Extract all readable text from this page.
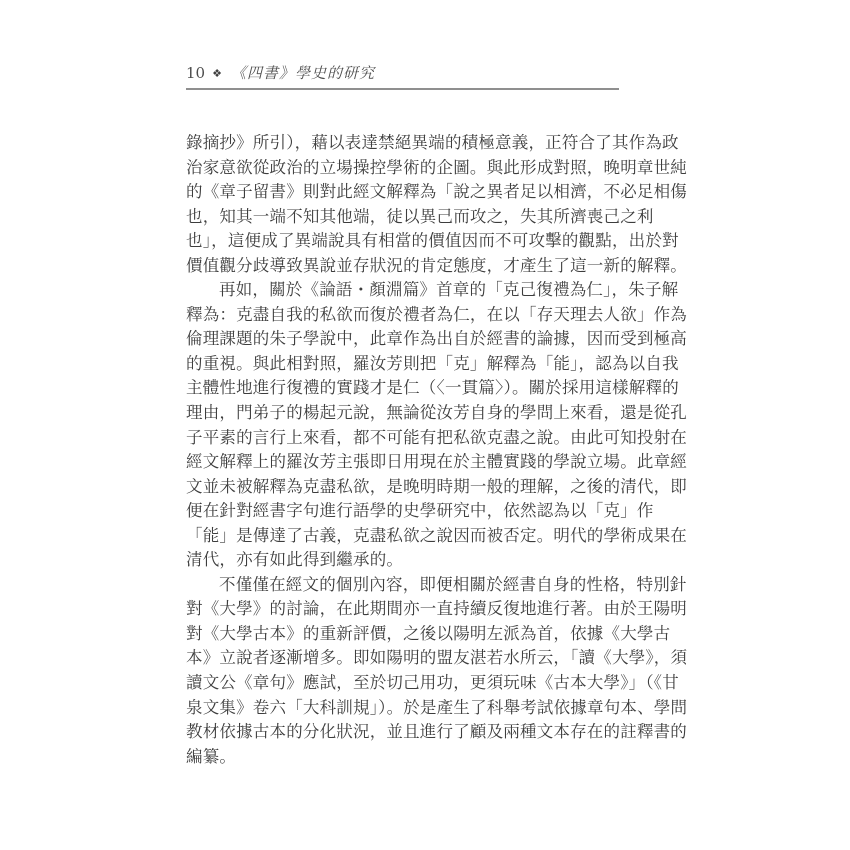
10 ❖ 《四書》學史的研究
錄摘抄》所引），藉以表達禁絕異端的積極意義，正符合了其作為政
治家意欲從政治的立場操控學術的企圖。與此形成對照，晚明章世純
的《章子留書》則對此經文解釋為「說之異者足以相濟，不必足相傷
也，知其一端不知其他端，徒以異己而攻之，失其所濟喪己之利
也」，這便成了異端說具有相當的價值因而不可攻擊的觀點，出於對
價值觀分歧導致異說並存狀況的肯定態度，才產生了這一新的解釋。
再如，關於《論語・顏淵篇》首章的「克己復禮為仁」，朱子解
釋為：克盡自我的私欲而復於禮者為仁，在以「存天理去人欲」作為
倫理課題的朱子學說中，此章作為出自於經書的論據，因而受到極高
的重視。與此相對照，羅汝芳則把「克」解釋為「能」，認為以自我
主體性地進行復禮的實踐才是仁（〈一貫篇〉）。關於採用這樣解釋的
理由，門弟子的楊起元說，無論從汝芳自身的學問上來看，還是從孔
子平素的言行上來看，都不可能有把私欲克盡之說。由此可知投射在
經文解釋上的羅汝芳主張即日用現在於主體實踐的學說立場。此章經
文並未被解釋為克盡私欲，是晚明時期一般的理解，之後的清代，即
便在針對經書字句進行語學的史學研究中，依然認為以「克」作
「能」是傳達了古義，克盡私欲之說因而被否定。明代的學術成果在
清代，亦有如此得到繼承的。
不僅僅在經文的個別內容，即便相關於經書自身的性格，特別針
對《大學》的討論，在此期間亦一直持續反復地進行著。由於王陽明
對《大學古本》的重新評價，之後以陽明左派為首，依據《大學古
本》立說者逐漸增多。即如陽明的盟友湛若水所云，「讀《大學》，須
讀文公《章句》應試，至於切己用功，更須玩味《古本大學》」（《甘
泉文集》卷六「大科訓規」）。於是產生了科舉考試依據章句本、學問
教材依據古本的分化狀況，並且進行了顧及兩種文本存在的註釋書的
編纂。
